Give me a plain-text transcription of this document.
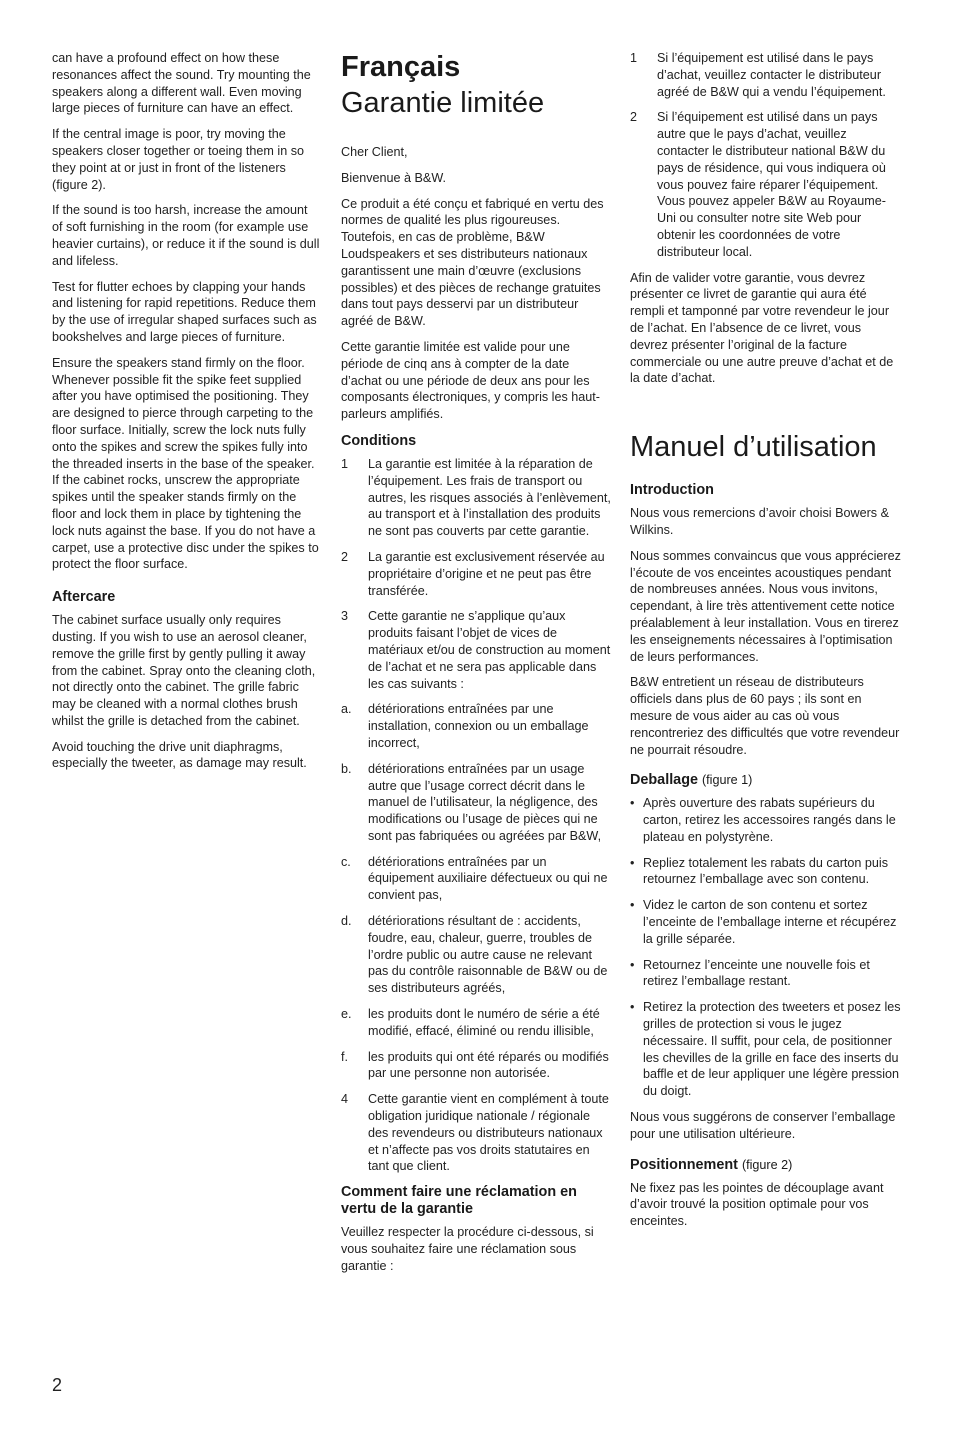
can have a profound effect on how these resonances affect the sound. Try mounting the speakers along a different wall. Even moving large pieces of furniture can have an effect.

If the central image is poor, try moving the speakers closer together or toeing them in so they point at or just in front of the listeners (figure 2).

If the sound is too harsh, increase the amount of soft furnishing in the room (for example use heavier curtains), or reduce it if the sound is dull and lifeless.

Test for flutter echoes by clapping your hands and listening for rapid repetitions. Reduce them by the use of irregular shaped surfaces such as bookshelves and large pieces of furniture.

Ensure the speakers stand firmly on the floor. Whenever possible fit the spike feet supplied after you have optimised the positioning. They are designed to pierce through carpeting to the floor surface. Initially, screw the lock nuts fully onto the spikes and screw the spikes fully into the threaded inserts in the base of the speaker. If the cabinet rocks, unscrew the appropriate spikes until the speaker stands firmly on the floor and lock them in place by tightening the lock nuts against the base. If you do not have a carpet, use a protective disc under the spikes to protect the floor surface.

Aftercare

The cabinet surface usually only requires dusting. If you wish to use an aerosol cleaner, remove the grille first by gently pulling it away from the cabinet. Spray onto the cleaning cloth, not directly onto the cabinet. The grille fabric may be cleaned with a normal clothes brush whilst the grille is detached from the cabinet.

Avoid touching the drive unit diaphragms, especially the tweeter, as damage may result.

Français
Garantie limitée

Cher Client,

Bienvenue à B&W.

Ce produit a été conçu et fabriqué en vertu des normes de qualité les plus rigoureuses. Toutefois, en cas de problème, B&W Loudspeakers et ses distributeurs nationaux garantissent une main d’œuvre (exclusions possibles) et des pièces de rechange gratuites dans tout pays desservi par un distributeur agréé de B&W.

Cette garantie limitée est valide pour une période de cinq ans à compter de la date d’achat ou une période de deux ans pour les composants électroniques, y compris les haut-parleurs amplifiés.

Conditions
1 La garantie est limitée à la réparation de l’équipement. Les frais de transport ou autres, les risques associés à l’enlèvement, au transport et à l’installation des produits ne sont pas couverts par cette garantie.
2 La garantie est exclusivement réservée au propriétaire d’origine et ne peut pas être transférée.
3 Cette garantie ne s’applique qu’aux produits faisant l’objet de vices de matériaux et/ou de construction au moment de l’achat et ne sera pas applicable dans les cas suivants :
a. détériorations entraînées par une installation, connexion ou un emballage incorrect,
b. détériorations entraînées par un usage autre que l’usage correct décrit dans le manuel de l’utilisateur, la négligence, des modifications ou l’usage de pièces qui ne sont pas fabriquées ou agréées par B&W,
c. détériorations entraînées par un équipement auxiliaire défectueux ou qui ne convient pas,
d. détériorations résultant de : accidents, foudre, eau, chaleur, guerre, troubles de l’ordre public ou autre cause ne relevant pas du contrôle raisonnable de B&W ou de ses distributeurs agréés,
e. les produits dont le numéro de série a été modifié, effacé, éliminé ou rendu illisible,
f. les produits qui ont été réparés ou modifiés par une personne non autorisée.
4 Cette garantie vient en complément à toute obligation juridique nationale / régionale des revendeurs ou distributeurs nationaux et n’affecte pas vos droits statutaires en tant que client.
Comment faire une réclamation en vertu de la garantie

Veuillez respecter la procédure ci-dessous, si vous souhaitez faire une réclamation sous garantie :

1 Si l’équipement est utilisé dans le pays d’achat, veuillez contacter le distributeur agréé de B&W qui a vendu l’équipement.
2 Si l’équipement est utilisé dans un pays autre que le pays d’achat, veuillez contacter le distributeur national B&W du pays de résidence, qui vous indiquera où vous pouvez faire réparer l’équipement. Vous pouvez appeler B&W au Royaume-Uni ou consulter notre site Web pour obtenir les coordonnées de votre distributeur local.

Afin de valider votre garantie, vous devrez présenter ce livret de garantie qui aura été rempli et tamponné par votre revendeur le jour de l’achat. En l’absence de ce livret, vous devrez présenter l’original de la facture commerciale ou une autre preuve d’achat et de la date d’achat.

Manuel d’utilisation
Introduction

Nous vous remercions d’avoir choisi Bowers & Wilkins.

Nous sommes convaincus que vous apprécierez l’écoute de vos enceintes acoustiques pendant de nombreuses années. Nous vous invitons, cependant, à lire très attentivement cette notice préalablement à leur installation. Vous en tirerez les enseignements nécessaires à l’optimisation de leurs performances.

B&W entretient un réseau de distributeurs officiels dans plus de 60 pays ; ils sont en mesure de vous aider au cas où vous rencontreriez des difficultés que votre revendeur ne pourrait résoudre.

Deballage (figure 1)
• Après ouverture des rabats supérieurs du carton, retirez les accessoires rangés dans le plateau en polystyrène.
• Repliez totalement les rabats du carton puis retournez l’emballage avec son contenu.
• Videz le carton de son contenu et sortez l’enceinte de l’emballage interne et récupérez la grille séparée.
• Retournez l’enceinte une nouvelle fois et retirez l’emballage restant.
• Retirez la protection des tweeters et posez les grilles de protection si vous le jugez nécessaire. Il suffit, pour cela, de positionner les chevilles de la grille en face des inserts du baffle et de leur appliquer une légère pression du doigt.

Nous vous suggérons de conserver l’emballage pour une utilisation ultérieure.

Positionnement (figure 2)

Ne fixez pas les pointes de découplage avant d’avoir trouvé la position optimale pour vos enceintes.

2
